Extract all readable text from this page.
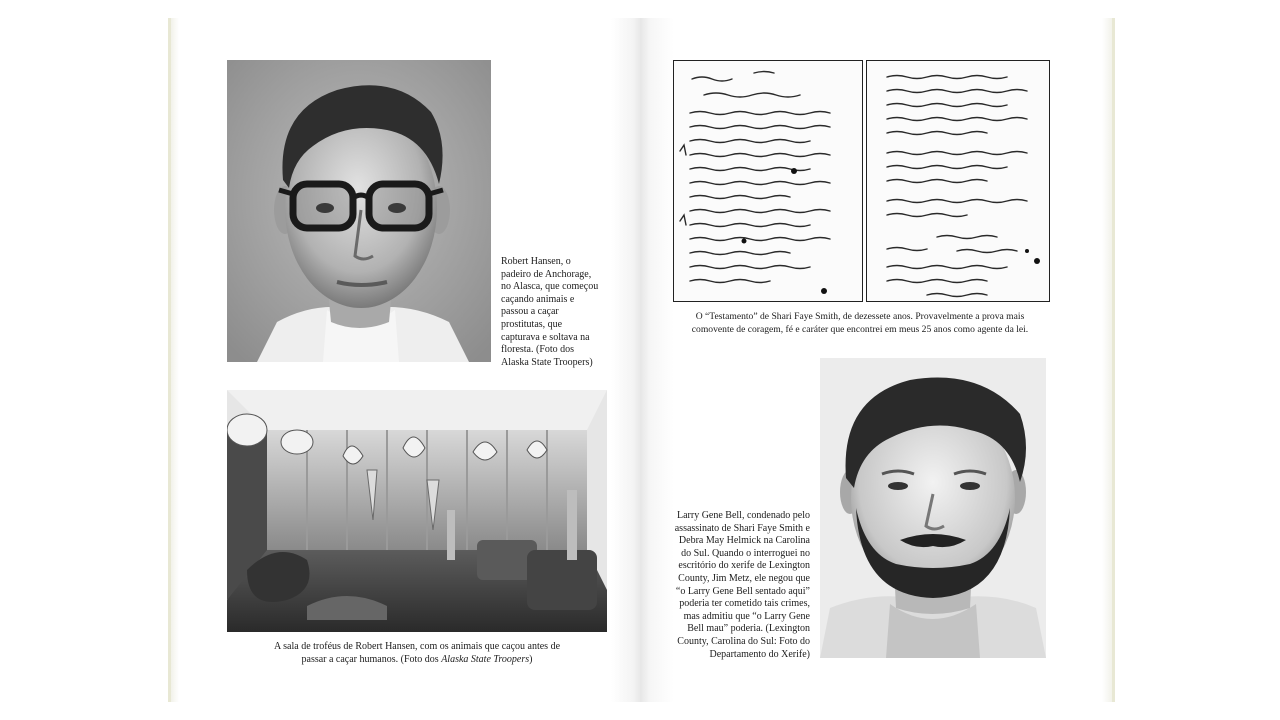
Robert Hansen, o padeiro de Anchorage, no Alasca, que começou caçando animais e passou a caçar prostitutas, que capturava e soltava na floresta. (Foto dos Alaska State Troopers)
A sala de troféus de Robert Hansen, com os animais que caçou antes de
passar a caçar humanos. (Foto dos Alaska State Troopers)
O “Testamento” de Shari Faye Smith, de dezessete anos. Provavelmente a prova mais
comovente de coragem, fé e caráter que encontrei em meus 25 anos como agente da lei.
Larry Gene Bell, condenado pelo assassinato de Shari Faye Smith e Debra May Helmick na Carolina do Sul. Quando o interroguei no escritório do xerife de Lexington County, Jim Metz, ele negou que “o Larry Gene Bell sentado aqui” poderia ter cometido tais crimes, mas admitiu que “o Larry Gene Bell mau” poderia. (Lexington County, Carolina do Sul: Foto do Departamento do Xerife)
